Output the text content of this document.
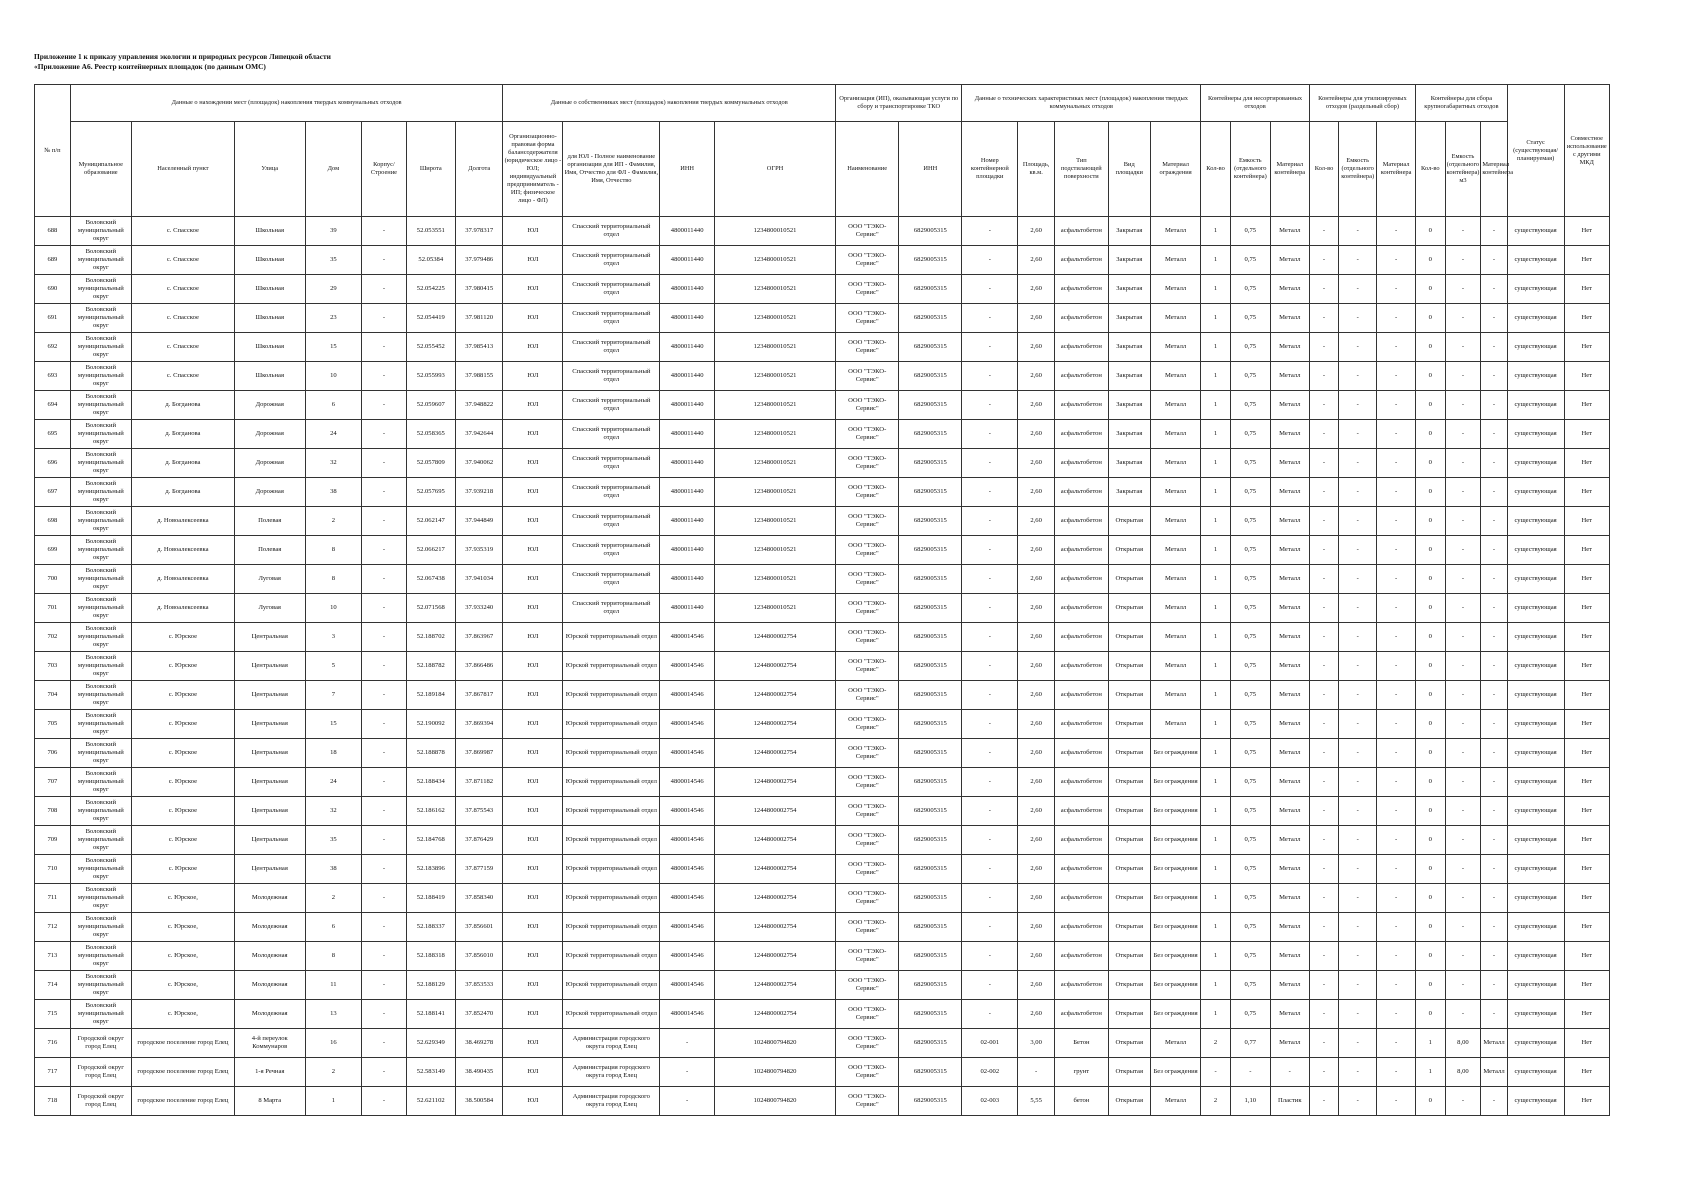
Приложение 1 к приказу управления экологии и природных ресурсов Липецкой области
«Приложение А6. Реестр контейнерных площадок (по данным ОМС)
№ п/п	Данные о нахождении мест (площадок) накопления твердых коммунальных отходов							Данные о собственниках мест (площадок) накопления твердых коммунальных отходов				Организация (ИП), оказывающая услуги по сбору и транспортировке ТКО		Данные о технических характеристиках мест (площадок) накопления твердых коммунальных отходов					Контейнеры для несортированных отходов			Контейнеры для утилизируемых отходов (раздельный сбор)			Контейнеры для сбора крупногабаритных отходов			Статус (существующая/ планируемая)	Совместное использование с другими МКД
	Муниципальное образование	Населенный пункт	Улица	Дом	Корпус/Строение	Широта	Долгота	Организационно-правовая форма балансодержателя (юридическое лицо - ЮЛ; индивидуальный предприниматель - ИП; физическое лицо - ФЛ)	для ЮЛ - Полное наименование организации для ИП - Фамилия, Имя, Отчество для ФЛ - Фамилия, Имя, Отчество	ИНН	ОГРН	Наименование	ИНН	Номер контейнерной площадки	Площадь, кв.м.	Тип подстилающей поверхности	Вид площадки	Материал ограждения	Кол-во	Емкость (отдельного контейнера)	Материал контейнера	Кол-во	Емкость (отдельного контейнера)	Материал контейнера	Кол-во	Емкость (отдельного контейнера) м3	Материал контейнера		
688	Воловский муниципальный округ	с. Спасское	Школьная	39	-	52.053551	37.978317	ЮЛ	Спасский территориальный отдел	4800011440	1234800010521	ООО "ТЭКО-Сервис"	6829005315	-	2,60	асфальтобетон	Закрытая	Металл	1	0,75	Металл	-	-	-	0	-	-	существующая	Нет
689	Воловский муниципальный округ	с. Спасское	Школьная	35	-	52.05384	37.979486	ЮЛ	Спасский территориальный отдел	4800011440	1234800010521	ООО "ТЭКО-Сервис"	6829005315	-	2,60	асфальтобетон	Закрытая	Металл	1	0,75	Металл	-	-	-	0	-	-	существующая	Нет
690	Воловский муниципальный округ	с. Спасское	Школьная	29	-	52.054225	37.980415	ЮЛ	Спасский территориальный отдел	4800011440	1234800010521	ООО "ТЭКО-Сервис"	6829005315	-	2,60	асфальтобетон	Закрытая	Металл	1	0,75	Металл	-	-	-	0	-	-	существующая	Нет
691	Воловский муниципальный округ	с. Спасское	Школьная	23	-	52.054419	37.981120	ЮЛ	Спасский территориальный отдел	4800011440	1234800010521	ООО "ТЭКО-Сервис"	6829005315	-	2,60	асфальтобетон	Закрытая	Металл	1	0,75	Металл	-	-	-	0	-	-	существующая	Нет
692	Воловский муниципальный округ	с. Спасское	Школьная	15	-	52.055452	37.985413	ЮЛ	Спасский территориальный отдел	4800011440	1234800010521	ООО "ТЭКО-Сервис"	6829005315	-	2,60	асфальтобетон	Закрытая	Металл	1	0,75	Металл	-	-	-	0	-	-	существующая	Нет
693	Воловский муниципальный округ	с. Спасское	Школьная	10	-	52.055993	37.988155	ЮЛ	Спасский территориальный отдел	4800011440	1234800010521	ООО "ТЭКО-Сервис"	6829005315	-	2,60	асфальтобетон	Закрытая	Металл	1	0,75	Металл	-	-	-	0	-	-	существующая	Нет
694	Воловский муниципальный округ	д. Богданова	Дорожная	6	-	52.059607	37.948822	ЮЛ	Спасский территориальный отдел	4800011440	1234800010521	ООО "ТЭКО-Сервис"	6829005315	-	2,60	асфальтобетон	Закрытая	Металл	1	0,75	Металл	-	-	-	0	-	-	существующая	Нет
695	Воловский муниципальный округ	д. Богданова	Дорожная	24	-	52.058365	37.942644	ЮЛ	Спасский территориальный отдел	4800011440	1234800010521	ООО "ТЭКО-Сервис"	6829005315	-	2,60	асфальтобетон	Закрытая	Металл	1	0,75	Металл	-	-	-	0	-	-	существующая	Нет
696	Воловский муниципальный округ	д. Богданова	Дорожная	32	-	52.057809	37.940062	ЮЛ	Спасский территориальный отдел	4800011440	1234800010521	ООО "ТЭКО-Сервис"	6829005315	-	2,60	асфальтобетон	Закрытая	Металл	1	0,75	Металл	-	-	-	0	-	-	существующая	Нет
697	Воловский муниципальный округ	д. Богданова	Дорожная	38	-	52.057695	37.939218	ЮЛ	Спасский территориальный отдел	4800011440	1234800010521	ООО "ТЭКО-Сервис"	6829005315	-	2,60	асфальтобетон	Закрытая	Металл	1	0,75	Металл	-	-	-	0	-	-	существующая	Нет
698	Воловский муниципальный округ	д. Новоалексеевка	Полевая	2	-	52.062147	37.944849	ЮЛ	Спасский территориальный отдел	4800011440	1234800010521	ООО "ТЭКО-Сервис"	6829005315	-	2,60	асфальтобетон	Открытая	Металл	1	0,75	Металл	-	-	-	0	-	-	существующая	Нет
699	Воловский муниципальный округ	д. Новоалексеевка	Полевая	8	-	52.066217	37.935319	ЮЛ	Спасский территориальный отдел	4800011440	1234800010521	ООО "ТЭКО-Сервис"	6829005315	-	2,60	асфальтобетон	Открытая	Металл	1	0,75	Металл	-	-	-	0	-	-	существующая	Нет
700	Воловский муниципальный округ	д. Новоалексеевка	Луговая	8	-	52.067438	37.941034	ЮЛ	Спасский территориальный отдел	4800011440	1234800010521	ООО "ТЭКО-Сервис"	6829005315	-	2,60	асфальтобетон	Открытая	Металл	1	0,75	Металл	-	-	-	0	-	-	существующая	Нет
701	Воловский муниципальный округ	д. Новоалексеевка	Луговая	10	-	52.071568	37.933240	ЮЛ	Спасский территориальный отдел	4800011440	1234800010521	ООО "ТЭКО-Сервис"	6829005315	-	2,60	асфальтобетон	Открытая	Металл	1	0,75	Металл	-	-	-	0	-	-	существующая	Нет
702	Воловский муниципальный округ	с. Юрское	Центральная	3	-	52.188702	37.863967	ЮЛ	Юрской территориальный отдел	4800014546	1244800002754	ООО "ТЭКО-Сервис"	6829005315	-	2,60	асфальтобетон	Открытая	Металл	1	0,75	Металл	-	-	-	0	-	-	существующая	Нет
703	Воловский муниципальный округ	с. Юрское	Центральная	5	-	52.188782	37.866486	ЮЛ	Юрской территориальный отдел	4800014546	1244800002754	ООО "ТЭКО-Сервис"	6829005315	-	2,60	асфальтобетон	Открытая	Металл	1	0,75	Металл	-	-	-	0	-	-	существующая	Нет
704	Воловский муниципальный округ	с. Юрское	Центральная	7	-	52.189184	37.867817	ЮЛ	Юрской территориальный отдел	4800014546	1244800002754	ООО "ТЭКО-Сервис"	6829005315	-	2,60	асфальтобетон	Открытая	Металл	1	0,75	Металл	-	-	-	0	-	-	существующая	Нет
705	Воловский муниципальный округ	с. Юрское	Центральная	15	-	52.190092	37.869394	ЮЛ	Юрской территориальный отдел	4800014546	1244800002754	ООО "ТЭКО-Сервис"	6829005315	-	2,60	асфальтобетон	Открытая	Металл	1	0,75	Металл	-	-	-	0	-	-	существующая	Нет
706	Воловский муниципальный округ	с. Юрское	Центральная	18	-	52.188878	37.869987	ЮЛ	Юрской территориальный отдел	4800014546	1244800002754	ООО "ТЭКО-Сервис"	6829005315	-	2,60	асфальтобетон	Открытая	Без ограждения	1	0,75	Металл	-	-	-	0	-	-	существующая	Нет
707	Воловский муниципальный округ	с. Юрское	Центральная	24	-	52.188434	37.871182	ЮЛ	Юрской территориальный отдел	4800014546	1244800002754	ООО "ТЭКО-Сервис"	6829005315	-	2,60	асфальтобетон	Открытая	Без ограждения	1	0,75	Металл	-	-	-	0	-	-	существующая	Нет
708	Воловский муниципальный округ	с. Юрское	Центральная	32	-	52.186162	37.875543	ЮЛ	Юрской территориальный отдел	4800014546	1244800002754	ООО "ТЭКО-Сервис"	6829005315	-	2,60	асфальтобетон	Открытая	Без ограждения	1	0,75	Металл	-	-	-	0	-	-	существующая	Нет
709	Воловский муниципальный округ	с. Юрское	Центральная	35	-	52.184768	37.876429	ЮЛ	Юрской территориальный отдел	4800014546	1244800002754	ООО "ТЭКО-Сервис"	6829005315	-	2,60	асфальтобетон	Открытая	Без ограждения	1	0,75	Металл	-	-	-	0	-	-	существующая	Нет
710	Воловский муниципальный округ	с. Юрское	Центральная	38	-	52.183896	37.877159	ЮЛ	Юрской территориальный отдел	4800014546	1244800002754	ООО "ТЭКО-Сервис"	6829005315	-	2,60	асфальтобетон	Открытая	Без ограждения	1	0,75	Металл	-	-	-	0	-	-	существующая	Нет
711	Воловский муниципальный округ	с. Юрское,	Молодежная	2	-	52.188419	37.858340	ЮЛ	Юрской территориальный отдел	4800014546	1244800002754	ООО "ТЭКО-Сервис"	6829005315	-	2,60	асфальтобетон	Открытая	Без ограждения	1	0,75	Металл	-	-	-	0	-	-	существующая	Нет
712	Воловский муниципальный округ	с. Юрское,	Молодежная	6	-	52.188337	37.856601	ЮЛ	Юрской территориальный отдел	4800014546	1244800002754	ООО "ТЭКО-Сервис"	6829005315	-	2,60	асфальтобетон	Открытая	Без ограждения	1	0,75	Металл	-	-	-	0	-	-	существующая	Нет
713	Воловский муниципальный округ	с. Юрское,	Молодежная	8	-	52.188318	37.856010	ЮЛ	Юрской территориальный отдел	4800014546	1244800002754	ООО "ТЭКО-Сервис"	6829005315	-	2,60	асфальтобетон	Открытая	Без ограждения	1	0,75	Металл	-	-	-	0	-	-	существующая	Нет
714	Воловский муниципальный округ	с. Юрское,	Молодежная	11	-	52.188129	37.853533	ЮЛ	Юрской территориальный отдел	4800014546	1244800002754	ООО "ТЭКО-Сервис"	6829005315	-	2,60	асфальтобетон	Открытая	Без ограждения	1	0,75	Металл	-	-	-	0	-	-	существующая	Нет
715	Воловский муниципальный округ	с. Юрское,	Молодежная	13	-	52.188141	37.852470	ЮЛ	Юрской территориальный отдел	4800014546	1244800002754	ООО "ТЭКО-Сервис"	6829005315	-	2,60	асфальтобетон	Открытая	Без ограждения	1	0,75	Металл	-	-	-	0	-	-	существующая	Нет
716	Городской округ город Елец	городское поселение город Елец	4-й переулок Коммунаров	16	-	52.629349	38.469278	ЮЛ	Администрация городского округа город Елец	-	1024800794820	ООО "ТЭКО-Сервис"	6829005315	02-001	3,00	Бетон	Открытая	Металл	2	0,77	Металл	-	-	-	1	8,00	Металл	существующая	Нет
717	Городской округ город Елец	городское поселение город Елец	1-я Речная	2	-	52.583149	38.490435	ЮЛ	Администрация городского округа город Елец	-	1024800794820	ООО "ТЭКО-Сервис"	6829005315	02-002	-	грунт	Открытая	Без ограждения	-	-	-	-	-	-	1	8,00	Металл	существующая	Нет
718	Городской округ город Елец	городское поселение город Елец	8 Марта	1	-	52.621102	38.500584	ЮЛ	Администрация городского округа город Елец	-	1024800794820	ООО "ТЭКО-Сервис"	6829005315	02-003	5,55	бетон	Открытая	Металл	2	1,10	Пластик	-	-	-	0	-	-	существующая	Нет
